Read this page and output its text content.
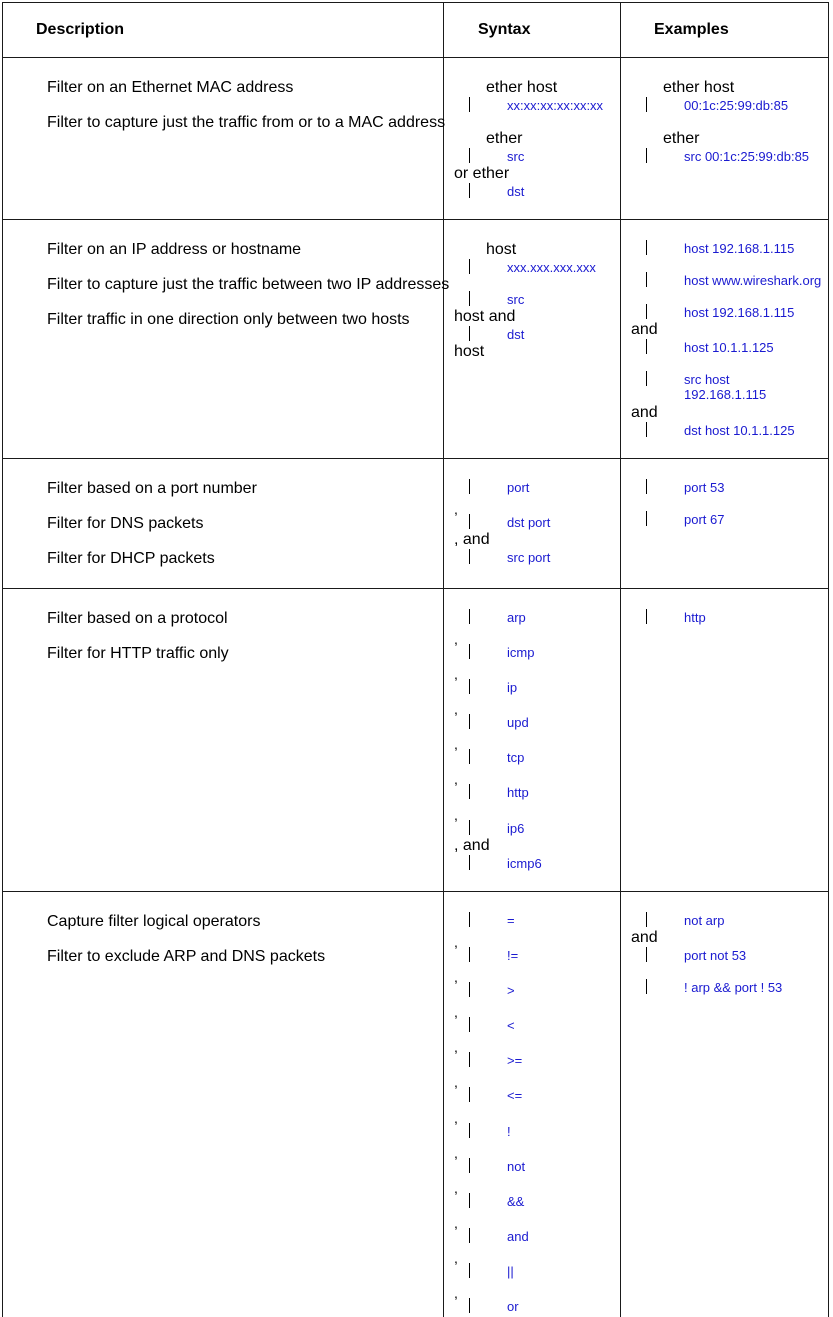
Description	Syntax	Examples
Filter on an Ethernet MAC address
Filter to capture just the traffic from or to a MAC address
ether host
xx:xx:xx:xx:xx:xx
ether
src
or ether
dst
ether host
00:1c:25:99:db:85
ether
src 00:1c:25:99:db:85
Filter on an IP address or hostname
Filter to capture just the traffic between two IP addresses
Filter traffic in one direction only between two hosts
host
xxx.xxx.xxx.xxx
src
host and
dst
host
host 192.168.1.115
host www.wireshark.org
host 192.168.1.115
and
host 10.1.1.125
src host
192.168.1.115
and
dst host 10.1.1.125
Filter based on a port number
Filter for DNS packets
Filter for DHCP packets
port
,
dst port
, and
src port
port 53
port 67
Filter based on a protocol
Filter for HTTP traffic only
arp
,
icmp
,
ip
,
upd
,
tcp
,
http
,
ip6
, and
icmp6
http
Capture filter logical operators
Filter to exclude ARP and DNS packets
=
,
!=
,
>
,
<
,
>=
,
<=
,
!
,
not
,
&&
,
and
,
||
,
or
not arp
and
port not 53
! arp && port ! 53
